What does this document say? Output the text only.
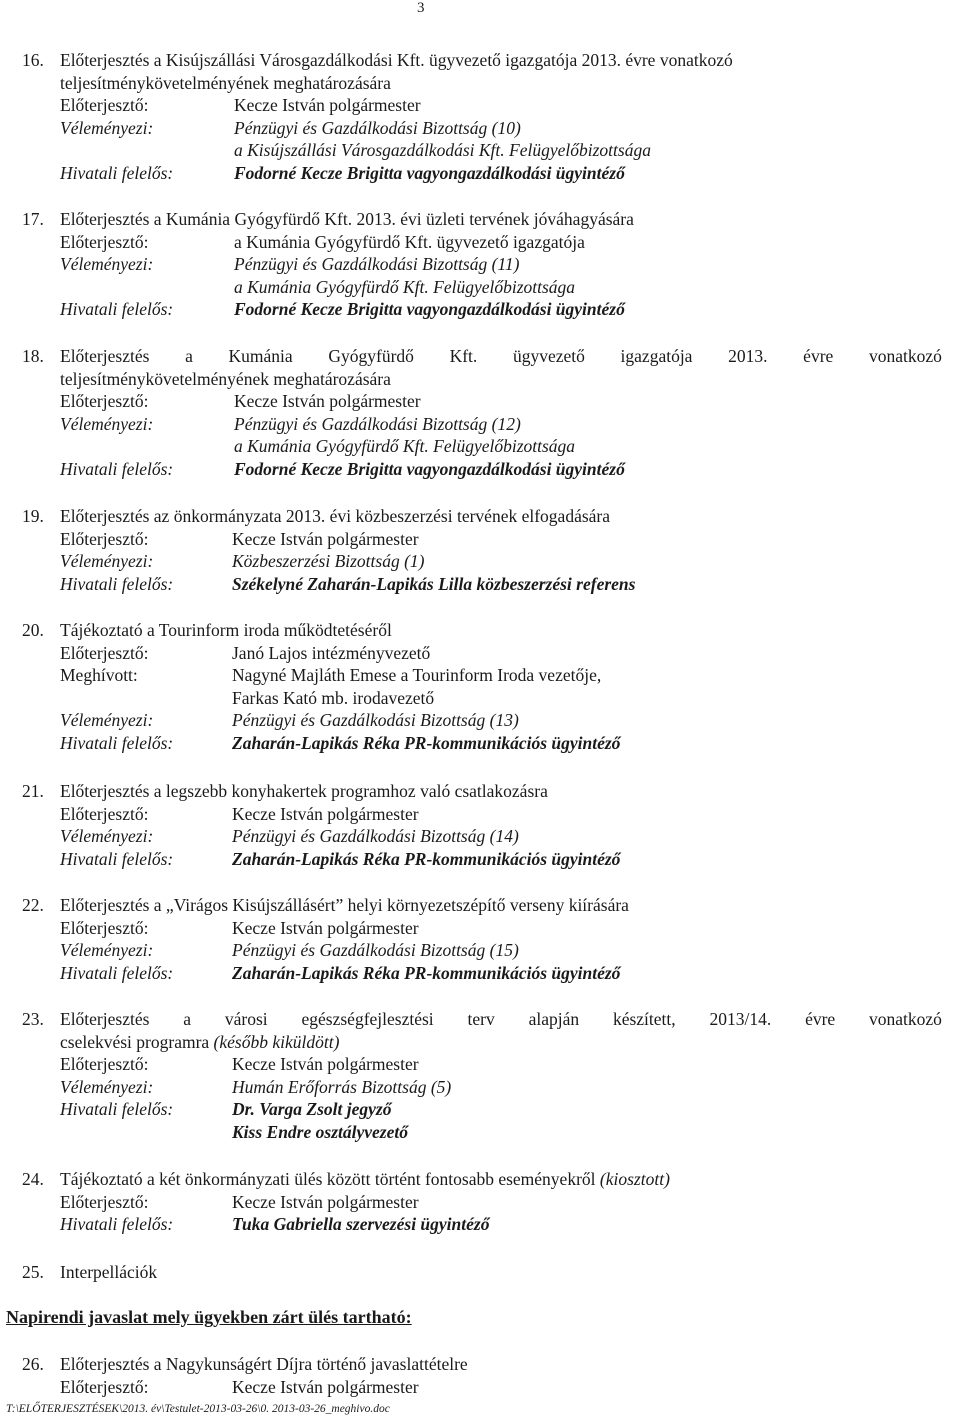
3
16. Előterjesztés a Kisújszállási Városgazdálkodási Kft. ügyvezető igazgatója 2013. évre vonatkozó
teljesítménykövetelményének meghatározására
Előterjesztő:	Kecze István polgármester
Véleményezi:	Pénzügyi és Gazdálkodási Bizottság (10)
a Kisújszállási Városgazdálkodási Kft. Felügyelőbizottsága
Hivatali felelős:	Fodorné Kecze Brigitta vagyongazdálkodási ügyintéző
17. Előterjesztés a Kumánia Gyógyfürdő Kft. 2013. évi üzleti tervének jóváhagyására
Előterjesztő:	a Kumánia Gyógyfürdő Kft. ügyvezető igazgatója
Véleményezi:	Pénzügyi és Gazdálkodási Bizottság (11)
a Kumánia Gyógyfürdő Kft. Felügyelőbizottsága
Hivatali felelős:	Fodorné Kecze Brigitta vagyongazdálkodási ügyintéző
18. Előterjesztés a Kumánia Gyógyfürdő Kft. ügyvezető igazgatója 2013. évre vonatkozó
teljesítménykövetelményének meghatározására
Előterjesztő:	Kecze István polgármester
Véleményezi:	Pénzügyi és Gazdálkodási Bizottság (12)
a Kumánia Gyógyfürdő Kft. Felügyelőbizottsága
Hivatali felelős:	Fodorné Kecze Brigitta vagyongazdálkodási ügyintéző
19. Előterjesztés az önkormányzata 2013. évi közbeszerzési tervének elfogadására
Előterjesztő:	Kecze István polgármester
Véleményezi:	Közbeszerzési Bizottság (1)
Hivatali felelős:	Székelyné Zaharán-Lapikás Lilla közbeszerzési referens
20. Tájékoztató a Tourinform iroda működtetéséről
Előterjesztő:	Janó Lajos intézményvezető
Meghívott:	Nagyné Majláth Emese a Tourinform Iroda vezetője,
Farkas Kató mb. irodavezető
Véleményezi:	Pénzügyi és Gazdálkodási Bizottság (13)
Hivatali felelős:	Zaharán-Lapikás Réka PR-kommunikációs ügyintéző
21. Előterjesztés a legszebb konyhakertek programhoz való csatlakozásra
Előterjesztő:	Kecze István polgármester
Véleményezi:	Pénzügyi és Gazdálkodási Bizottság (14)
Hivatali felelős:	Zaharán-Lapikás Réka PR-kommunikációs ügyintéző
22. Előterjesztés a „Virágos Kisújszállásért” helyi környezetszépítő verseny kiírására
Előterjesztő:	Kecze István polgármester
Véleményezi:	Pénzügyi és Gazdálkodási Bizottság (15)
Hivatali felelős:	Zaharán-Lapikás Réka PR-kommunikációs ügyintéző
23. Előterjesztés a városi egészségfejlesztési terv alapján készített, 2013/14. évre vonatkozó
cselekvési programra (később kiküldött)
Előterjesztő:	Kecze István polgármester
Véleményezi:	Humán Erőforrás Bizottság (5)
Hivatali felelős:	Dr. Varga Zsolt jegyző
Kiss Endre osztályvezető
24. Tájékoztató a két önkormányzati ülés között történt fontosabb eseményekről (kiosztott)
Előterjesztő:	Kecze István polgármester
Hivatali felelős:	Tuka Gabriella szervezési ügyintéző
25. Interpellációk
Napirendi javaslat mely ügyekben zárt ülés tartható:
26. Előterjesztés a Nagykunságért Díjra történő javaslattételre
Előterjesztő:	Kecze István polgármester
T:\ELŐTERJESZTÉSEK\2013. év\Testulet-2013-03-26\0. 2013-03-26_meghivo.doc
